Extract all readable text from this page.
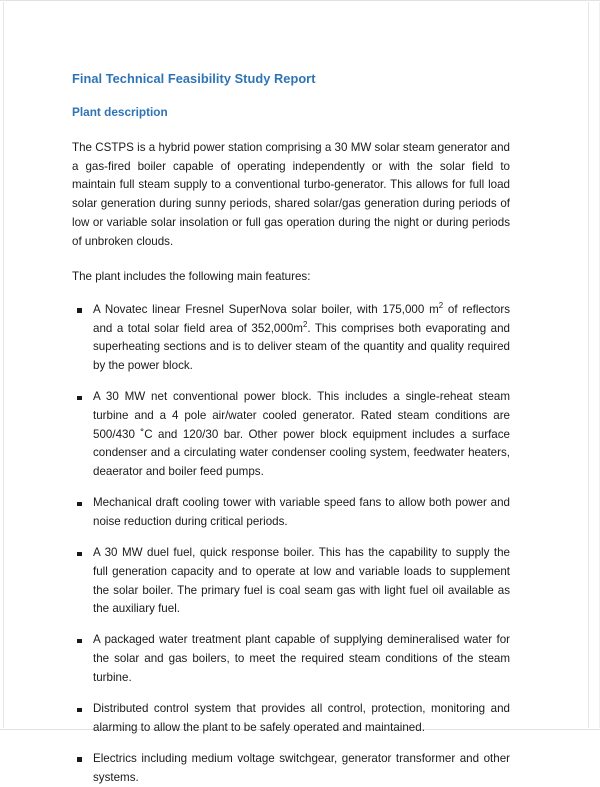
Final Technical Feasibility Study Report
Plant description

The CSTPS is a hybrid power station comprising a 30 MW solar steam generator and a gas-fired boiler capable of operating independently or with the solar field to maintain full steam supply to a conventional turbo-generator. This allows for full load solar generation during sunny periods, shared solar/gas generation during periods of low or variable solar insolation or full gas operation during the night or during periods of unbroken clouds.

The plant includes the following main features:

A Novatec linear Fresnel SuperNova solar boiler, with 175,000 $m^2$ of reflectors and a total solar field area of $352,000m^2$. This comprises both evaporating and superheating sections and is to deliver steam of the quantity and quality required by the power block.
A 30 MW net conventional power block. This includes a single-reheat steam turbine and a 4 pole air/water cooled generator. Rated steam conditions are 500/430 ˚C and 120/30 bar. Other power block equipment includes a surface condenser and a circulating water condenser cooling system, feedwater heaters, deaerator and boiler feed pumps.
Mechanical draft cooling tower with variable speed fans to allow both power and noise reduction during critical periods.
A 30 MW duel fuel, quick response boiler. This has the capability to supply the full generation capacity and to operate at low and variable loads to supplement the solar boiler. The primary fuel is coal seam gas with light fuel oil available as the auxiliary fuel.
A packaged water treatment plant capable of supplying demineralised water for the solar and gas boilers, to meet the required steam conditions of the steam turbine.
Distributed control system that provides all control, protection, monitoring and alarming to allow the plant to be safely operated and maintained.
Electrics including medium voltage switchgear, generator transformer and other systems.
